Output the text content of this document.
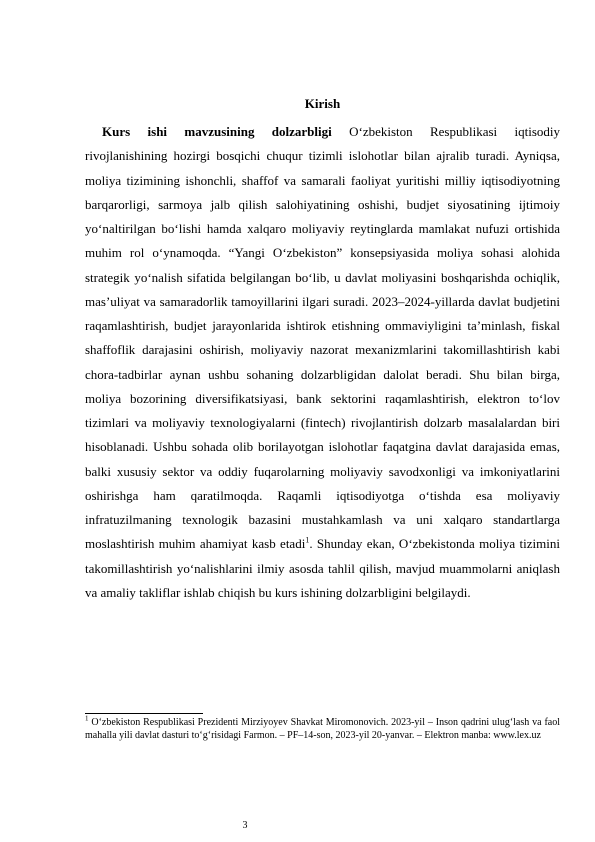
Kirish

Kurs ishi mavzusining dolzarbligi O‘zbekiston Respublikasi iqtisodiy rivojlanishining hozirgi bosqichi chuqur tizimli islohotlar bilan ajralib turadi. Ayniqsa, moliya tizimining ishonchli, shaffof va samarali faoliyat yuritishi milliy iqtisodiyotning barqarorligi, sarmoya jalb qilish salohiyatining oshishi, budjet siyosatining ijtimoiy yo‘naltirilgan bo‘lishi hamda xalqaro moliyaviy reytinglarda mamlakat nufuzi ortishida muhim rol o‘ynamoqda. “Yangi O‘zbekiston” konsepsiyasida moliya sohasi alohida strategik yo‘nalish sifatida belgilangan bo‘lib, u davlat moliyasini boshqarishda ochiqlik, mas’uliyat va samaradorlik tamoyillarini ilgari suradi. 2023–2024-yillarda davlat budjetini raqamlashtirish, budjet jarayonlarida ishtirok etishning ommaviyligini ta’minlash, fiskal shaffoflik darajasini oshirish, moliyaviy nazorat mexanizmlarini takomillashtirish kabi chora-tadbirlar aynan ushbu sohaning dolzarbligidan dalolat beradi. Shu bilan birga, moliya bozorining diversifikatsiyasi, bank sektorini raqamlashtirish, elektron to‘lov tizimlari va moliyaviy texnologiyalarni (fintech) rivojlantirish dolzarb masalalardan biri hisoblanadi. Ushbu sohada olib borilayotgan islohotlar faqatgina davlat darajasida emas, balki xususiy sektor va oddiy fuqarolarning moliyaviy savodxonligi va imkoniyatlarini oshirishga ham qaratilmoqda. Raqamli iqtisodiyotga o‘tishda esa moliyaviy infratuzilmaning texnologik bazasini mustahkamlash va uni xalqaro standartlarga moslashtirish muhim ahamiyat kasb etadi$^1$. Shunday ekan, O‘zbekistonda moliya tizimini takomillashtirish yo‘nalishlarini ilmiy asosda tahlil qilish, mavjud muammolarni aniqlash va amaliy takliflar ishlab chiqish bu kurs ishining dolzarbligini belgilaydi.

$^1$ O‘zbekiston Respublikasi Prezidenti Mirziyoyev Shavkat Miromonovich. 2023-yil – Inson qadrini ulug‘lash va faol mahalla yili davlat dasturi to‘g‘risidagi Farmon. – PF–14-son, 2023-yil 20-yanvar. – Elektron manba: www.lex.uz

3
